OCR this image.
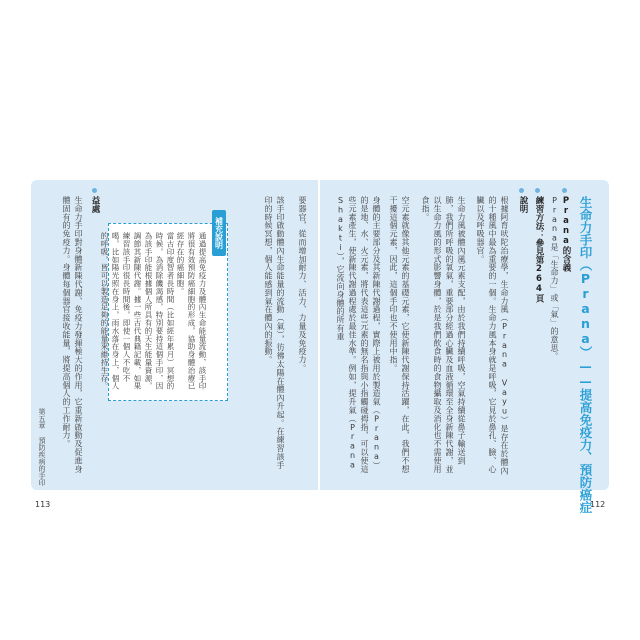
生命力手印（Prana）——提高免疫力、預防癌症
Prana的含義
Prana是「生命力」或「氣」的意思。
練習方法：參見第264頁
說明
根據阿育吠陀治療學，生命力風（Prana Vayu）是存在於體內的十種風中最為重要的一個。生命力風本身就是呼吸，它見於鼻孔、臉、心臟以及呼吸器官。
生命力風被體內風元素支配，由於我們持續呼吸，空氣持續從鼻子輸送到肺，我們所呼吸的氧氣，重要部分經過心臟及血液循環至全身新陳代謝，並以生命力風的形式影響身體，於是我們飲食時的食物攝取及消化也不需使用食指。
空元素就像其他元素的基礎元素，它使新陳代謝保持活躍，在此，我們不想干擾這個元素，因此，這個手印也不使用中指。
身體的主要部分及其新陳代謝過程，實際上被用於製造氣（Prana）的是地、水、火元素，將代表這些元素的無名指與小指觸碰拇指，可以使這些元素產生，使新陳代謝過程處於最佳水準。例如，提升氣（Prana Shakti），它流向身體的所有重
要器官，從而增加耐力、活力、力量及免疫力。
該手印啟動體內生命能量的流動（氣），彷彿太陽在體內升起。在練習該手印的時候冥想，個人能感到氣在體內的振動。
補充說明
通過提高免疫力及體內生命能量流動，該手印將很有效預防癌細胞的形成，協助身體治療已經存在的癌細胞。
當古印度智者長時間（比如經年累月）冥想的時候，為消除饑渴感，特別要持這個手印，因為該手印能根據個人所具有的天生能量資源，調節其新陳代謝。據一些古代典籍記載，如果練習該手印很長時間後，即使一個人不吃不喝，比如陽光照在身上，雨水落在身上，個人的呼吸，皆可以製造足夠的能量來維持生存。
益處
生命力手印對身體新陳代謝、免疫力發揮極大的作用，它重新啟動及促進身體固有的免疫力。身體每個器官接收能量，將提高個人的工作耐力。
第五章 預防疾病的手印
113	112
